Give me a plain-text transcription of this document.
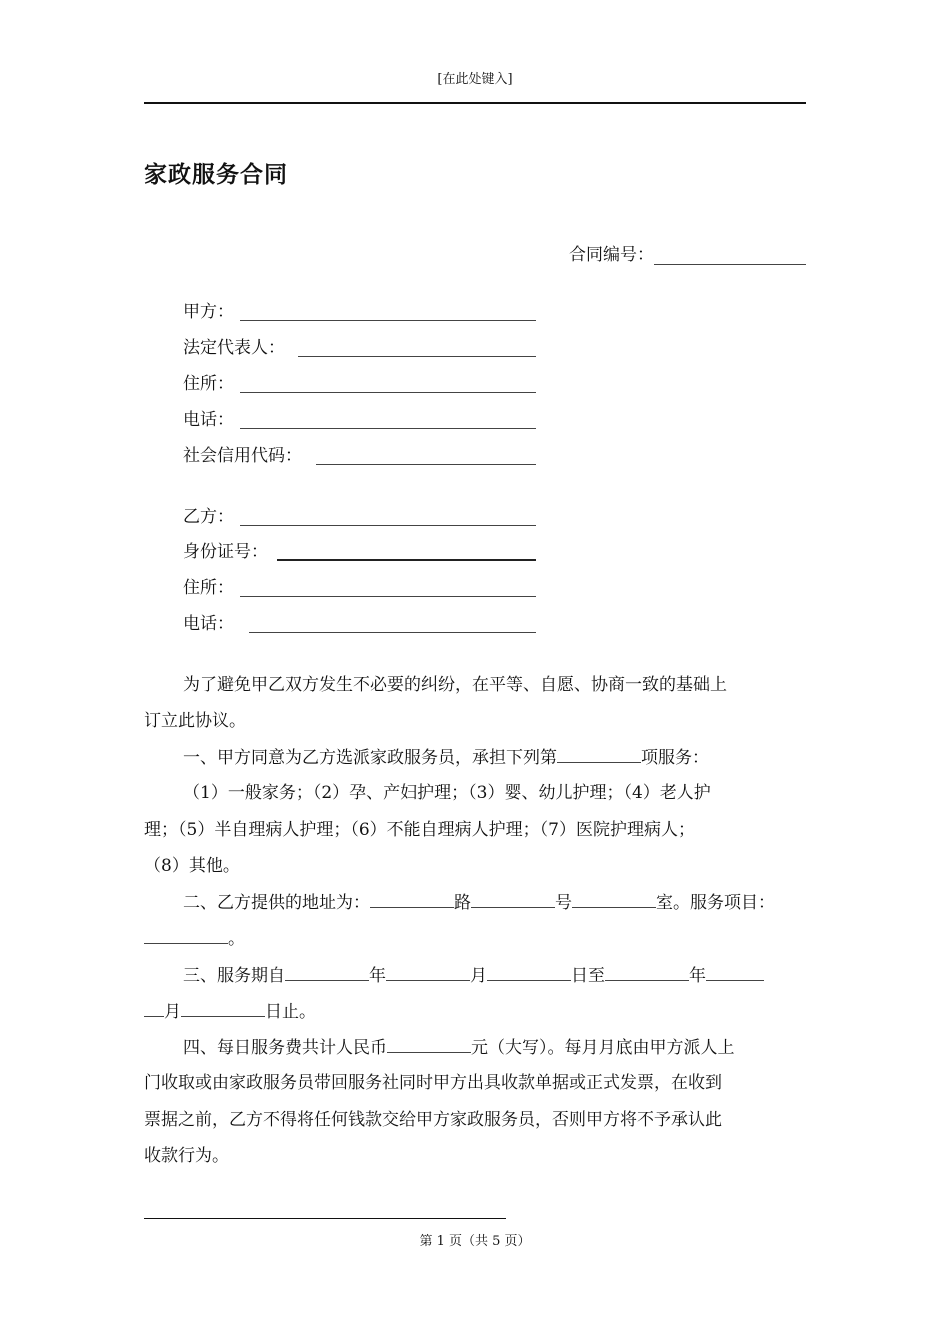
[在此处键入]
家政服务合同
合同编号：
甲方：
法定代表人：
住所：
电话：
社会信用代码：
乙方：
身份证号：
住所：
电话：
为了避免甲乙双方发生不必要的纠纷，在平等、自愿、协商一致的基础上
订立此协议。
一、甲方同意为乙方选派家政服务员，承担下列第	项服务：
（1）一般家务；（2）孕、产妇护理；（3）婴、幼儿护理；（4）老人护
理；（5）半自理病人护理；（6）不能自理病人护理；（7）医院护理病人；
（8）其他。
二、乙方提供的地址为：	路	号	室。服务项目：
。
三、服务期自	年	月	日至	年
月	日止。
四、每日服务费共计人民币	元（大写）。每月月底由甲方派人上
门收取或由家政服务员带回服务社同时甲方出具收款单据或正式发票，在收到
票据之前，乙方不得将任何钱款交给甲方家政服务员，否则甲方将不予承认此
收款行为。
第 1 页（共 5 页）
